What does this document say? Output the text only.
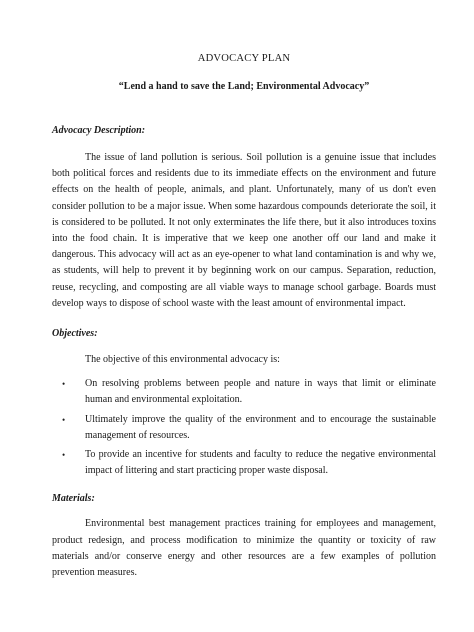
ADVOCACY PLAN

“Lend a hand to save the Land; Environmental Advocacy”

Advocacy Description:

The issue of land pollution is serious. Soil pollution is a genuine issue that includes both political forces and residents due to its immediate effects on the environment and future effects on the health of people, animals, and plant. Unfortunately, many of us don't even consider pollution to be a major issue. When some hazardous compounds deteriorate the soil, it is considered to be polluted. It not only exterminates the life there, but it also introduces toxins into the food chain. It is imperative that we keep one another off our land and make it dangerous. This advocacy will act as an eye-opener to what land contamination is and why we, as students, will help to prevent it by beginning work on our campus. Separation, reduction, reuse, recycling, and composting are all viable ways to manage school garbage. Boards must develop ways to dispose of school waste with the least amount of environmental impact.

Objectives:

The objective of this environmental advocacy is:

• On resolving problems between people and nature in ways that limit or eliminate human and environmental exploitation.
• Ultimately improve the quality of the environment and to encourage the sustainable management of resources.
• To provide an incentive for students and faculty to reduce the negative environmental impact of littering and start practicing proper waste disposal.

Materials:

Environmental best management practices training for employees and management, product redesign, and process modification to minimize the quantity or toxicity of raw materials and/or conserve energy and other resources are a few examples of pollution prevention measures.
